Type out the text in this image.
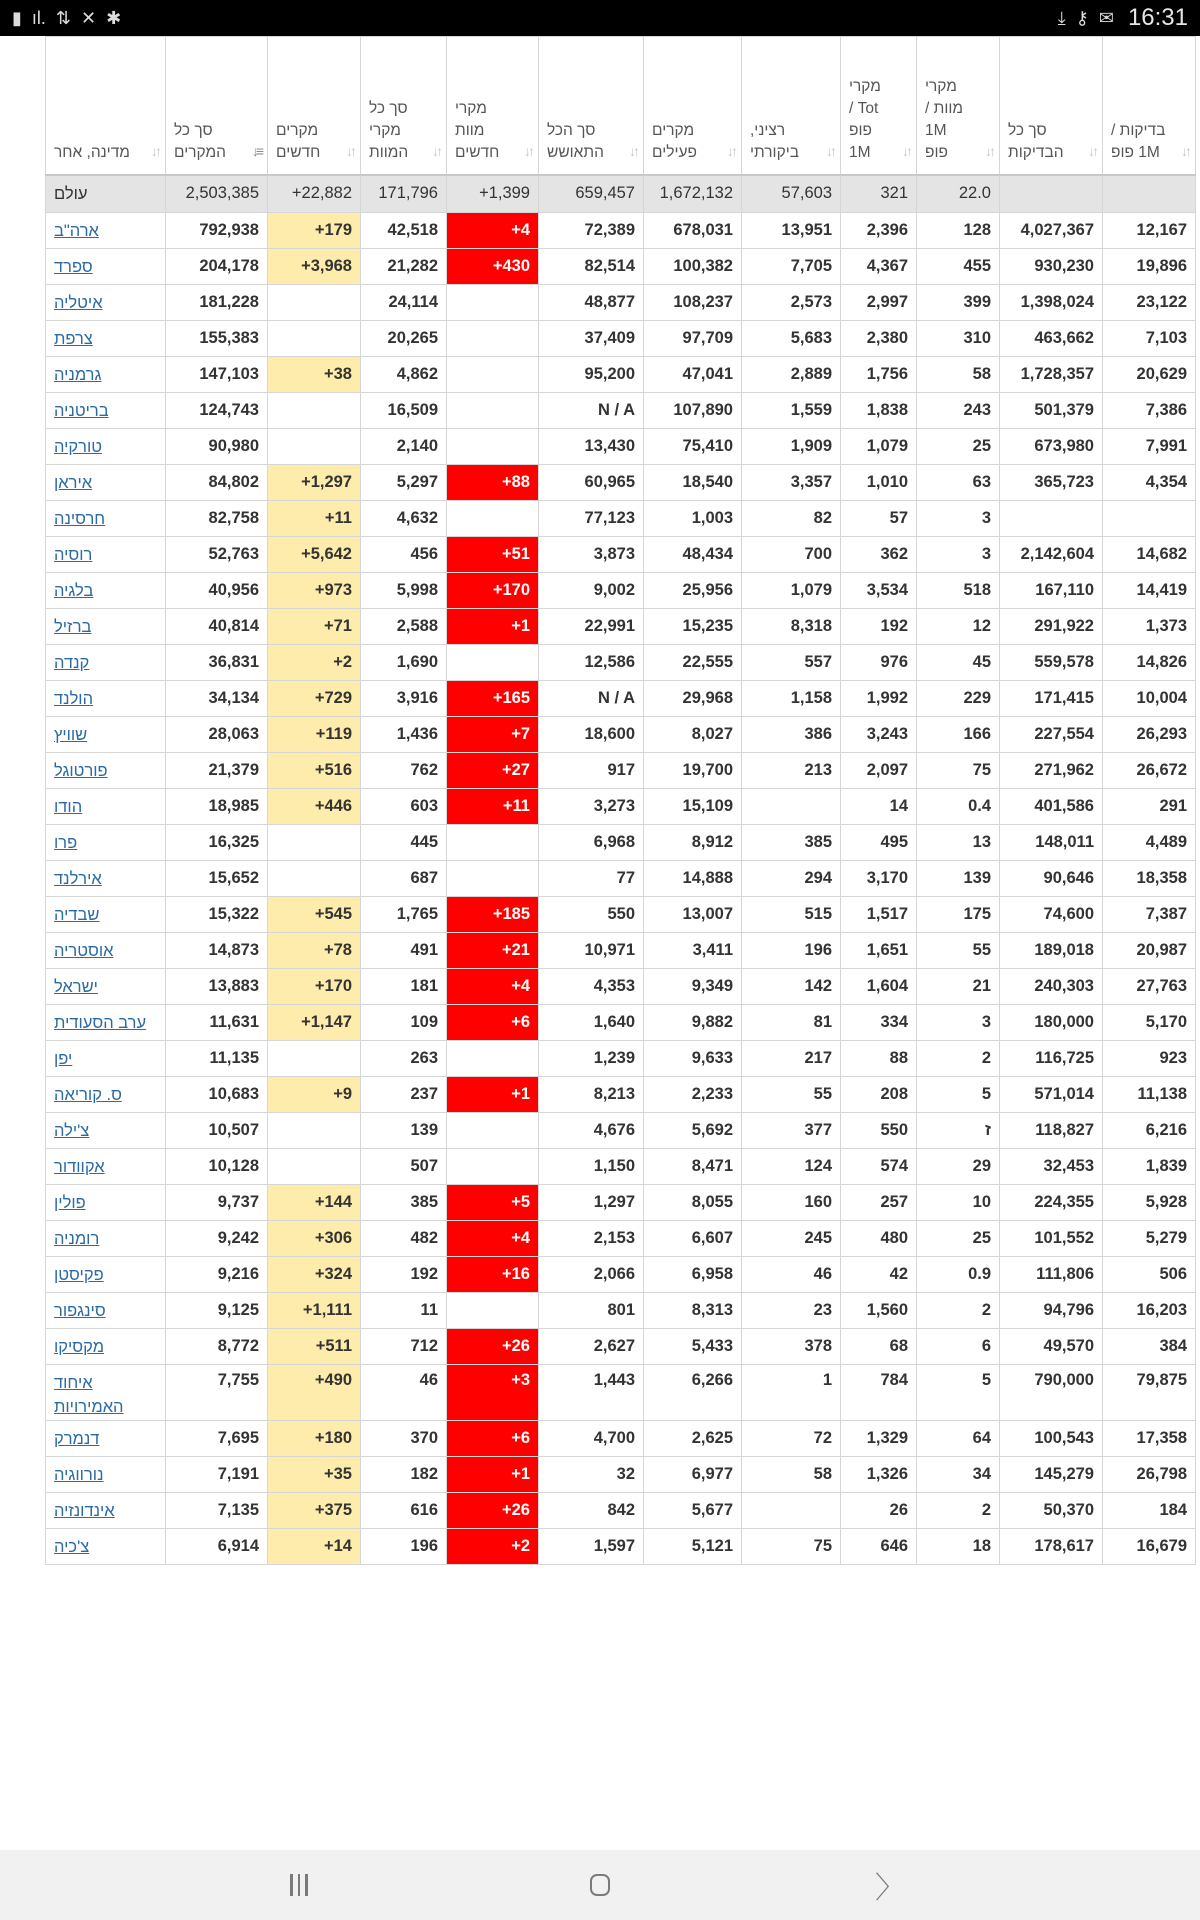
▮ ıl. ⇅ ✕ ✱	⤓ ⚷ ✉ 16:31
מדינה, אחר ↓↑	סך כל המקרים ↓≡	מקרים חדשים ↓↑	סך כל מקרי המוות ↓↑	מקרי מוות חדשים ↓↑	סך הכל התאושש ↓↑	מקרים פעילים ↓↑	רציני, ביקורתי ↓↑	מקרי Tot / פופ 1M ↓↑	מקרי מוות / 1M פופ ↓↑	סך כל הבדיקות ↓↑	בדיקות / 1M פופ ↓↑

עולם	2,503,385	+22,882	171,796	+1,399	659,457	1,672,132	57,603	321	22.0		
ארה"ב	792,938	+179	42,518	+4	72,389	678,031	13,951	2,396	128	4,027,367	12,167
ספרד	204,178	+3,968	21,282	+430	82,514	100,382	7,705	4,367	455	930,230	19,896
איטליה	181,228		24,114		48,877	108,237	2,573	2,997	399	1,398,024	23,122
צרפת	155,383		20,265		37,409	97,709	5,683	2,380	310	463,662	7,103
גרמניה	147,103	+38	4,862		95,200	47,041	2,889	1,756	58	1,728,357	20,629
בריטניה	124,743		16,509		N / A	107,890	1,559	1,838	243	501,379	7,386
טורקיה	90,980		2,140		13,430	75,410	1,909	1,079	25	673,980	7,991
איראן	84,802	+1,297	5,297	+88	60,965	18,540	3,357	1,010	63	365,723	4,354
חרסינה	82,758	+11	4,632		77,123	1,003	82	57	3		
רוסיה	52,763	+5,642	456	+51	3,873	48,434	700	362	3	2,142,604	14,682
בלגיה	40,956	+973	5,998	+170	9,002	25,956	1,079	3,534	518	167,110	14,419
ברזיל	40,814	+71	2,588	+1	22,991	15,235	8,318	192	12	291,922	1,373
קנדה	36,831	+2	1,690		12,586	22,555	557	976	45	559,578	14,826
הולנד	34,134	+729	3,916	+165	N / A	29,968	1,158	1,992	229	171,415	10,004
שוויץ	28,063	+119	1,436	+7	18,600	8,027	386	3,243	166	227,554	26,293
פורטוגל	21,379	+516	762	+27	917	19,700	213	2,097	75	271,962	26,672
הודו	18,985	+446	603	+11	3,273	15,109		14	0.4	401,586	291
פרו	16,325		445		6,968	8,912	385	495	13	148,011	4,489
אירלנד	15,652		687		77	14,888	294	3,170	139	90,646	18,358
שבדיה	15,322	+545	1,765	+185	550	13,007	515	1,517	175	74,600	7,387
אוסטריה	14,873	+78	491	+21	10,971	3,411	196	1,651	55	189,018	20,987
ישראל	13,883	+170	181	+4	4,353	9,349	142	1,604	21	240,303	27,763
ערב הסעודית	11,631	+1,147	109	+6	1,640	9,882	81	334	3	180,000	5,170
יפן	11,135		263		1,239	9,633	217	88	2	116,725	923
ס. קוריאה	10,683	+9	237	+1	8,213	2,233	55	208	5	571,014	11,138
צ'ילה	10,507		139		4,676	5,692	377	550	ז	118,827	6,216
אקוודור	10,128		507		1,150	8,471	124	574	29	32,453	1,839
פולין	9,737	+144	385	+5	1,297	8,055	160	257	10	224,355	5,928
רומניה	9,242	+306	482	+4	2,153	6,607	245	480	25	101,552	5,279
פקיסטן	9,216	+324	192	+16	2,066	6,958	46	42	0.9	111,806	506
סינגפור	9,125	+1,111	11		801	8,313	23	1,560	2	94,796	16,203
מקסיקו	8,772	+511	712	+26	2,627	5,433	378	68	6	49,570	384
איחוד האמירויות	7,755	+490	46	+3	1,443	6,266	1	784	5	790,000	79,875
דנמרק	7,695	+180	370	+6	4,700	2,625	72	1,329	64	100,543	17,358
נורווגיה	7,191	+35	182	+1	32	6,977	58	1,326	34	145,279	26,798
אינדונזיה	7,135	+375	616	+26	842	5,677		26	2	50,370	184
צ'כיה	6,914	+14	196	+2	1,597	5,121	75	646	18	178,617	16,679
〉
